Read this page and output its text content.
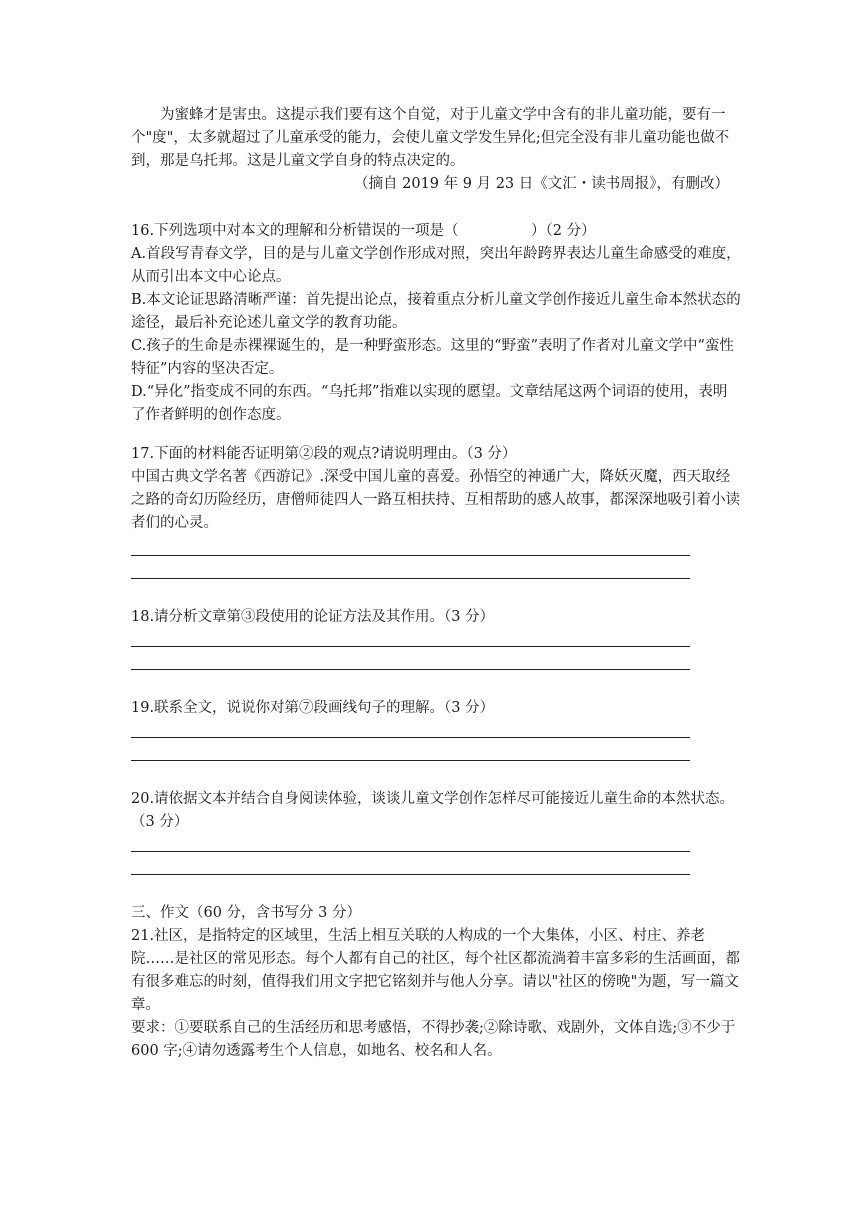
为蜜蜂才是害虫。这提示我们要有这个自觉，对于儿童文学中含有的非儿童功能，要有一个"度"，太多就超过了儿童承受的能力，会使儿童文学发生异化;但完全没有非儿童功能也做不到，那是乌托邦。这是儿童文学自身的特点决定的。

（摘自 2019 年 9 月 23 日《文汇・读书周报》，有删改）

16.下列选项中对本文的理解和分析错误的一项是（　　　　　）（2 分）

A.首段写青春文学，目的是与儿童文学创作形成对照，突出年龄跨界表达儿童生命感受的难度，从而引出本文中心论点。

B.本文论证思路清晰严谨：首先提出论点，接着重点分析儿童文学创作接近儿童生命本然状态的途径，最后补充论述儿童文学的教育功能。

C.孩子的生命是赤裸裸诞生的，是一种野蛮形态。这里的“野蛮”表明了作者对儿童文学中“蛮性特征”内容的坚决否定。

D.“异化”指变成不同的东西。“乌托邦”指难以实现的愿望。文章结尾这两个词语的使用，表明了作者鲜明的创作态度。

17.下面的材料能否证明第②段的观点?请说明理由。（3 分）

中国古典文学名著《西游记》.深受中国儿童的喜爱。孙悟空的神通广大，降妖灭魔，西天取经之路的奇幻历险经历，唐僧师徒四人一路互相扶持、互相帮助的感人故事，都深深地吸引着小读者们的心灵。

18.请分析文章第③段使用的论证方法及其作用。（3 分）

19.联系全文，说说你对第⑦段画线句子的理解。（3 分）

20.请依据文本并结合自身阅读体验，谈谈儿童文学创作怎样尽可能接近儿童生命的本然状态。（3 分）

三、作文（60 分，含书写分 3 分）

21.社区，是指特定的区域里，生活上相互关联的人构成的一个大集体，小区、村庄、养老院……是社区的常见形态。每个人都有自己的社区，每个社区都流淌着丰富多彩的生活画面，都有很多难忘的时刻，值得我们用文字把它铭刻并与他人分享。请以"社区的傍晚"为题，写一篇文章。

要求：①要联系自己的生活经历和思考感悟，不得抄袭;②除诗歌、戏剧外，文体自选;③不少于 600 字;④请勿透露考生个人信息，如地名、校名和人名。
